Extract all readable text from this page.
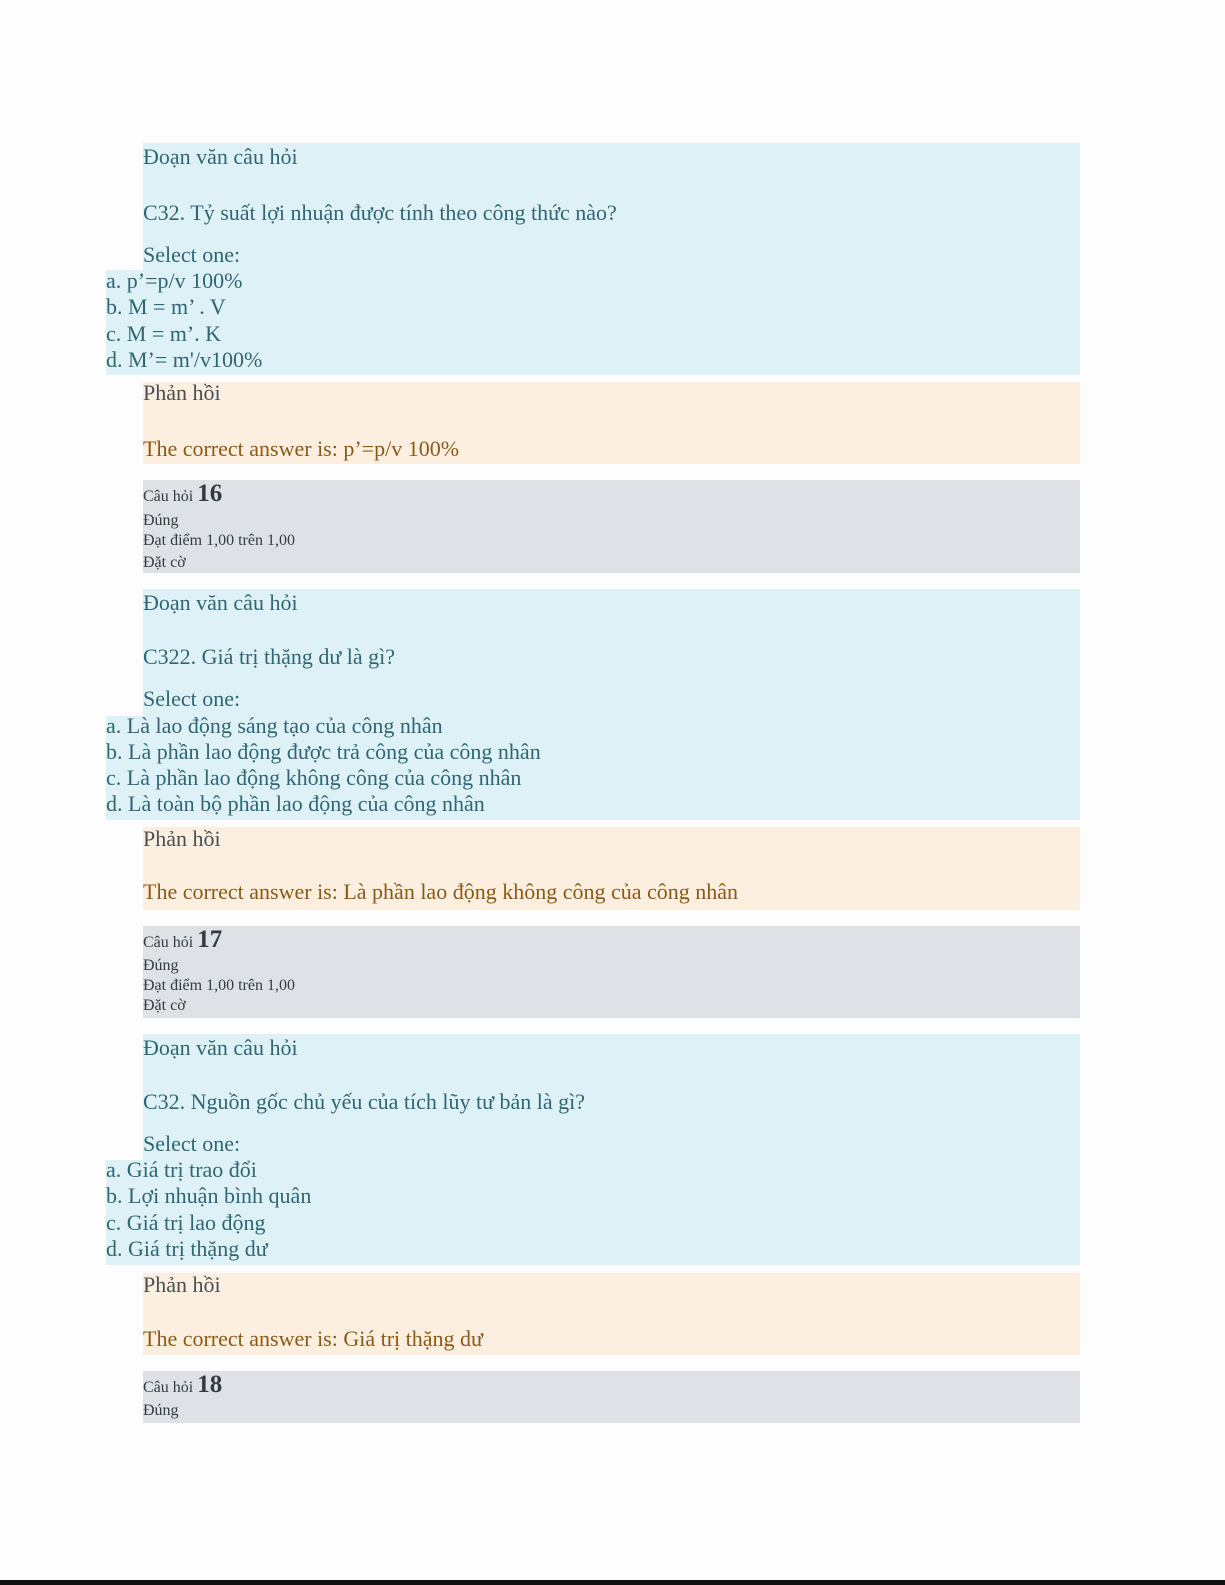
Đoạn văn câu hỏi
C32. Tỷ suất lợi nhuận được tính theo công thức nào?
Select one:
a. p’=p/v 100%
b. M = m’ . V
c. M = m’. K
d. M’= m'/v100%
Phản hồi
The correct answer is: p’=p/v 100%
Câu hỏi 16
Đúng
Đạt điểm 1,00 trên 1,00
Đặt cờ
Đoạn văn câu hỏi
C322. Giá trị thặng dư là gì?
Select one:
a. Là lao động sáng tạo của công nhân
b. Là phần lao động được trả công của công nhân
c. Là phần lao động không công của công nhân
d. Là toàn bộ phần lao động của công nhân
Phản hồi
The correct answer is: Là phần lao động không công của công nhân
Câu hỏi 17
Đúng
Đạt điểm 1,00 trên 1,00
Đặt cờ
Đoạn văn câu hỏi
C32. Nguồn gốc chủ yếu của tích lũy tư bản là gì?
Select one:
a. Giá trị trao đổi
b. Lợi nhuận bình quân
c. Giá trị lao động
d. Giá trị thặng dư
Phản hồi
The correct answer is: Giá trị thặng dư
Câu hỏi 18
Đúng
